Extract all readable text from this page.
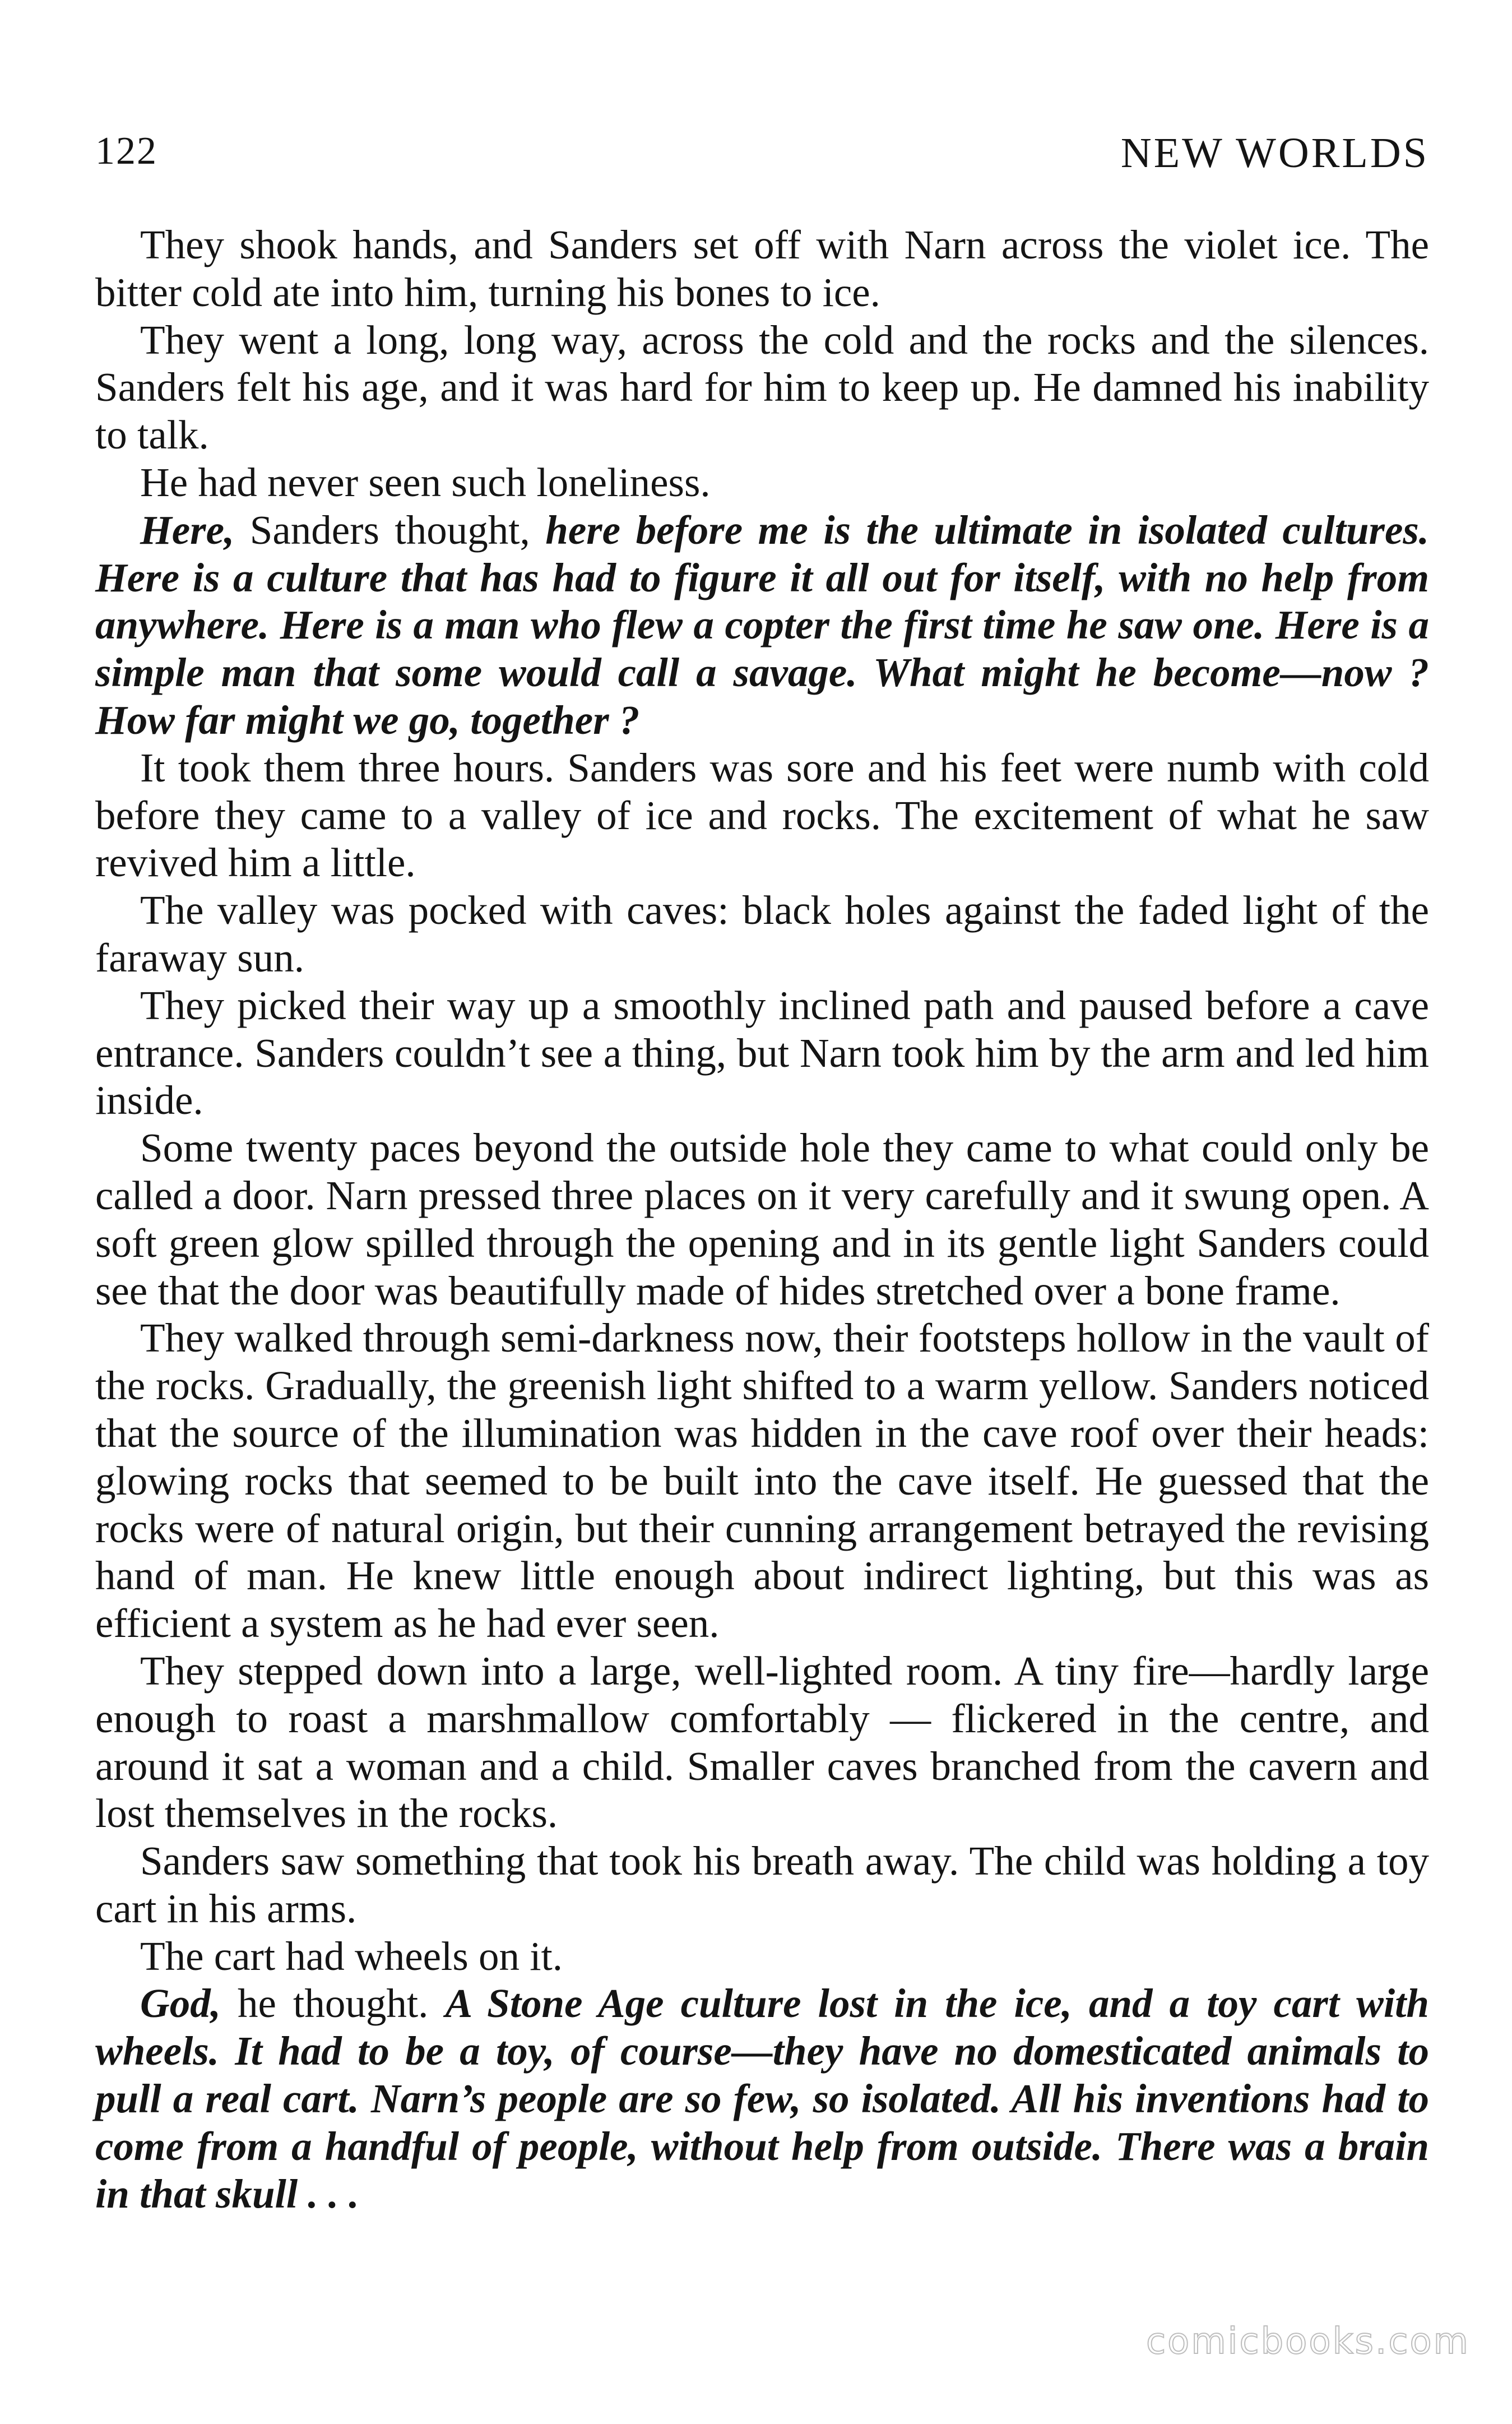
122	NEW WORLDS

They shook hands, and Sanders set off with Narn across the violet ice. The bitter cold ate into him, turning his bones to ice.

They went a long, long way, across the cold and the rocks and the silences. Sanders felt his age, and it was hard for him to keep up. He damned his inability to talk.

He had never seen such loneliness.

Here, Sanders thought, here before me is the ultimate in isolated cultures. Here is a culture that has had to figure it all out for itself, with no help from anywhere. Here is a man who flew a copter the first time he saw one. Here is a simple man that some would call a savage. What might he become—now ? How far might we go, together ?

It took them three hours. Sanders was sore and his feet were numb with cold before they came to a valley of ice and rocks. The excitement of what he saw revived him a little.

The valley was pocked with caves: black holes against the faded light of the faraway sun.

They picked their way up a smoothly inclined path and paused before a cave entrance. Sanders couldn’t see a thing, but Narn took him by the arm and led him inside.

Some twenty paces beyond the outside hole they came to what could only be called a door. Narn pressed three places on it very carefully and it swung open. A soft green glow spilled through the opening and in its gentle light Sanders could see that the door was beautifully made of hides stretched over a bone frame.

They walked through semi-darkness now, their footsteps hollow in the vault of the rocks. Gradually, the greenish light shifted to a warm yellow. Sanders noticed that the source of the illumination was hidden in the cave roof over their heads: glowing rocks that seemed to be built into the cave itself. He guessed that the rocks were of natural origin, but their cunning arrangement betrayed the revising hand of man. He knew little enough about indirect lighting, but this was as efficient a system as he had ever seen.

They stepped down into a large, well-lighted room. A tiny fire—hardly large enough to roast a marshmallow comfortably — flickered in the centre, and around it sat a woman and a child. Smaller caves branched from the cavern and lost themselves in the rocks.

Sanders saw something that took his breath away. The child was holding a toy cart in his arms.

The cart had wheels on it.

God, he thought. A Stone Age culture lost in the ice, and a toy cart with wheels. It had to be a toy, of course—they have no domesticated animals to pull a real cart. Narn’s people are so few, so isolated. All his inventions had to come from a handful of people, without help from outside. There was a brain in that skull . . .

comicbooks.com
